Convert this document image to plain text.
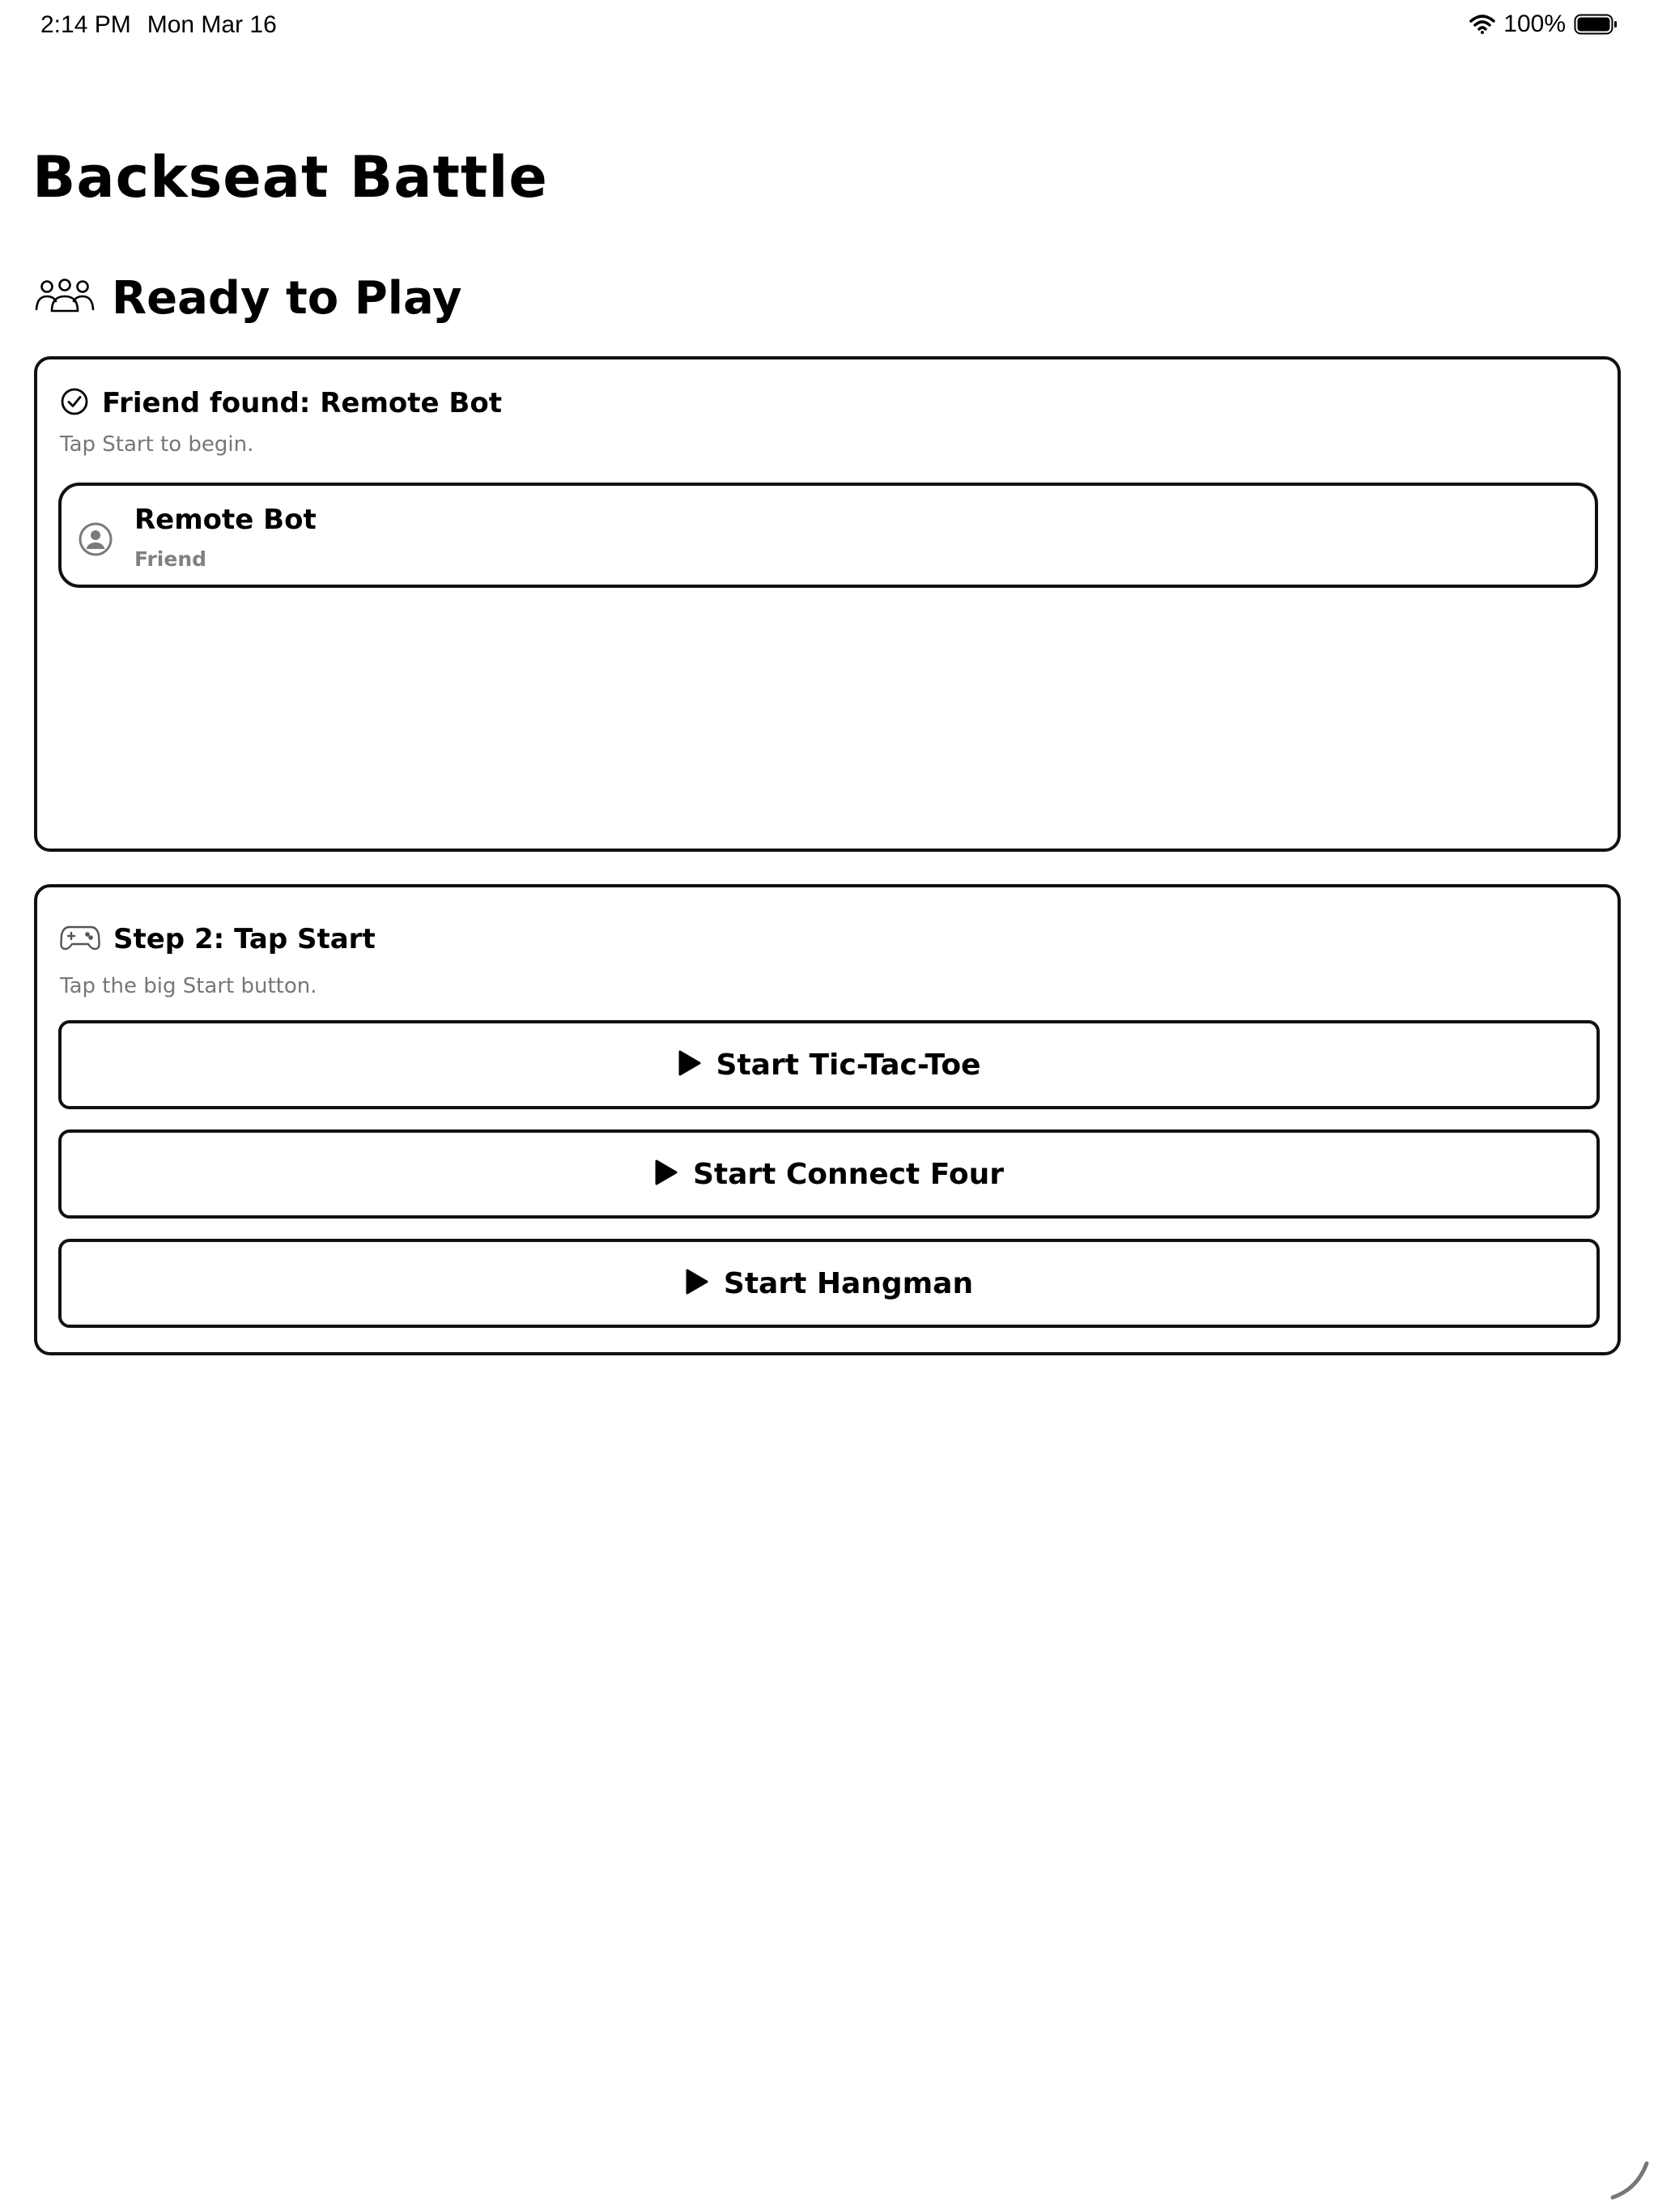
2:14 PM Mon Mar 16	100%
Backseat Battle
Ready to Play
Friend found: Remote Bot
Tap Start to begin.
Remote Bot
Friend
Step 2: Tap Start
Tap the big Start button.
Start Tic-Tac-Toe
Start Connect Four
Start Hangman
